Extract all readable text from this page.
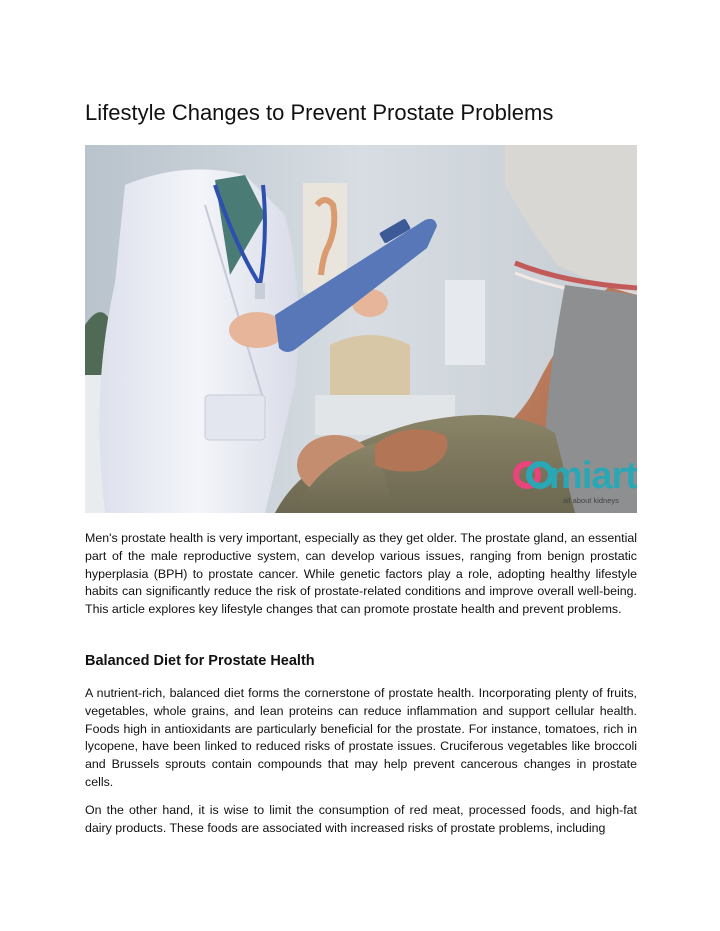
Lifestyle Changes to Prevent Prostate Problems
miart
all about kidneys

Men's prostate health is very important, especially as they get older. The prostate gland, an essential part of the male reproductive system, can develop various issues, ranging from benign prostatic hyperplasia (BPH) to prostate cancer. While genetic factors play a role, adopting healthy lifestyle habits can significantly reduce the risk of prostate-related conditions and improve overall well-being. This article explores key lifestyle changes that can promote prostate health and prevent problems.

Balanced Diet for Prostate Health

A nutrient-rich, balanced diet forms the cornerstone of prostate health. Incorporating plenty of fruits, vegetables, whole grains, and lean proteins can reduce inflammation and support cellular health. Foods high in antioxidants are particularly beneficial for the prostate. For instance, tomatoes, rich in lycopene, have been linked to reduced risks of prostate issues. Cruciferous vegetables like broccoli and Brussels sprouts contain compounds that may help prevent cancerous changes in prostate cells.

On the other hand, it is wise to limit the consumption of red meat, processed foods, and high-fat dairy products. These foods are associated with increased risks of prostate problems, including
